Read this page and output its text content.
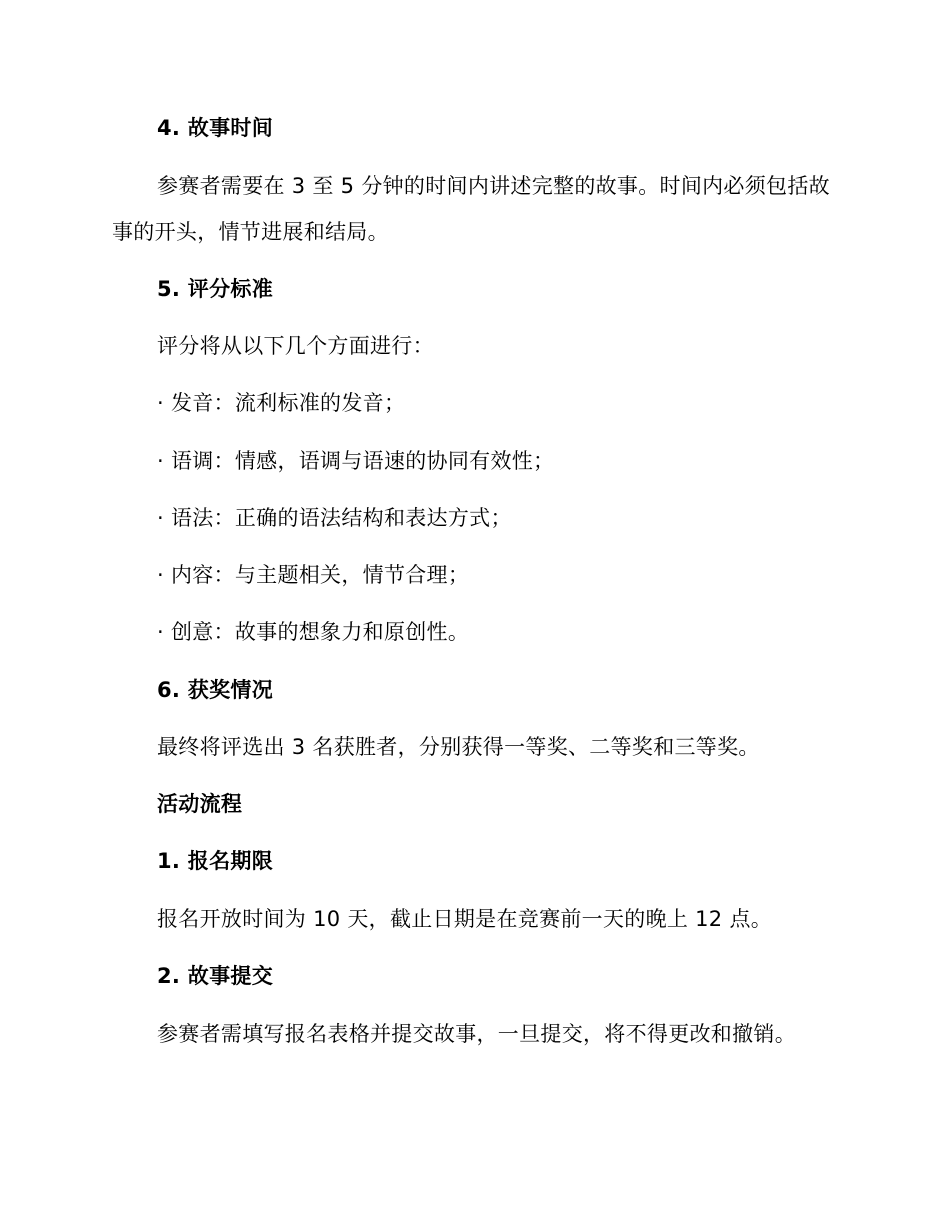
4. 故事时间
参赛者需要在 3 至 5 分钟的时间内讲述完整的故事。时间内必须包括故
事的开头，情节进展和结局。
5. 评分标准
评分将从以下几个方面进行：
· 发音：流利标准的发音；
· 语调：情感，语调与语速的协同有效性；
· 语法：正确的语法结构和表达方式；
· 内容：与主题相关，情节合理；
· 创意：故事的想象力和原创性。
6. 获奖情况
最终将评选出 3 名获胜者，分别获得一等奖、二等奖和三等奖。
活动流程
1. 报名期限
报名开放时间为 10 天，截止日期是在竞赛前一天的晚上 12 点。
2. 故事提交
参赛者需填写报名表格并提交故事，一旦提交，将不得更改和撤销。
